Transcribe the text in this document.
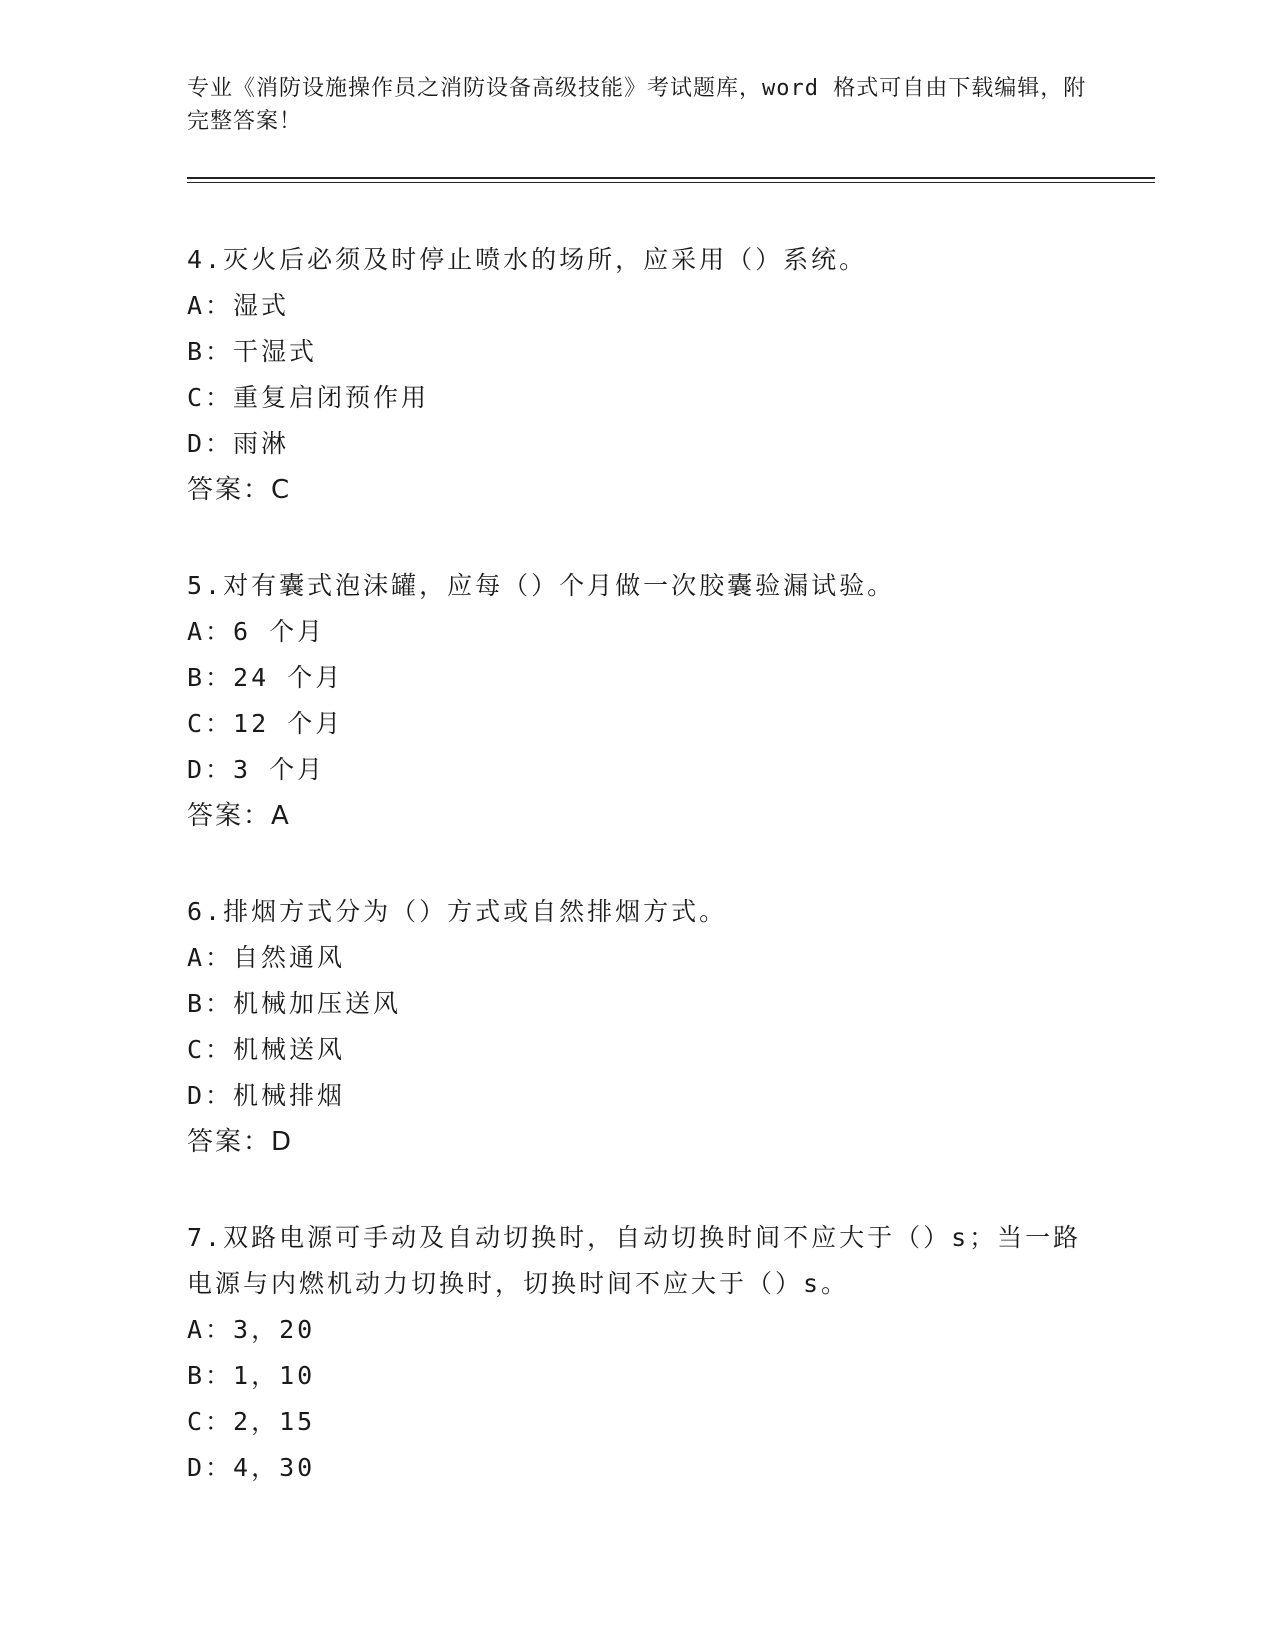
专业《消防设施操作员之消防设备高级技能》考试题库，word 格式可自由下载编辑，附完整答案！

4.灭火后必须及时停止喷水的场所，应采用（）系统。

A：湿式

B：干湿式

C：重复启闭预作用

D：雨淋

答案：C

5.对有囊式泡沫罐，应每（）个月做一次胶囊验漏试验。

A：6 个月

B：24 个月

C：12 个月

D：3 个月

答案：A

6.排烟方式分为（）方式或自然排烟方式。

A：自然通风

B：机械加压送风

C：机械送风

D：机械排烟

答案：D

7.双路电源可手动及自动切换时，自动切换时间不应大于（）s；当一路电源与内燃机动力切换时，切换时间不应大于（）s。

A：3，20

B：1，10

C：2，15

D：4，30
